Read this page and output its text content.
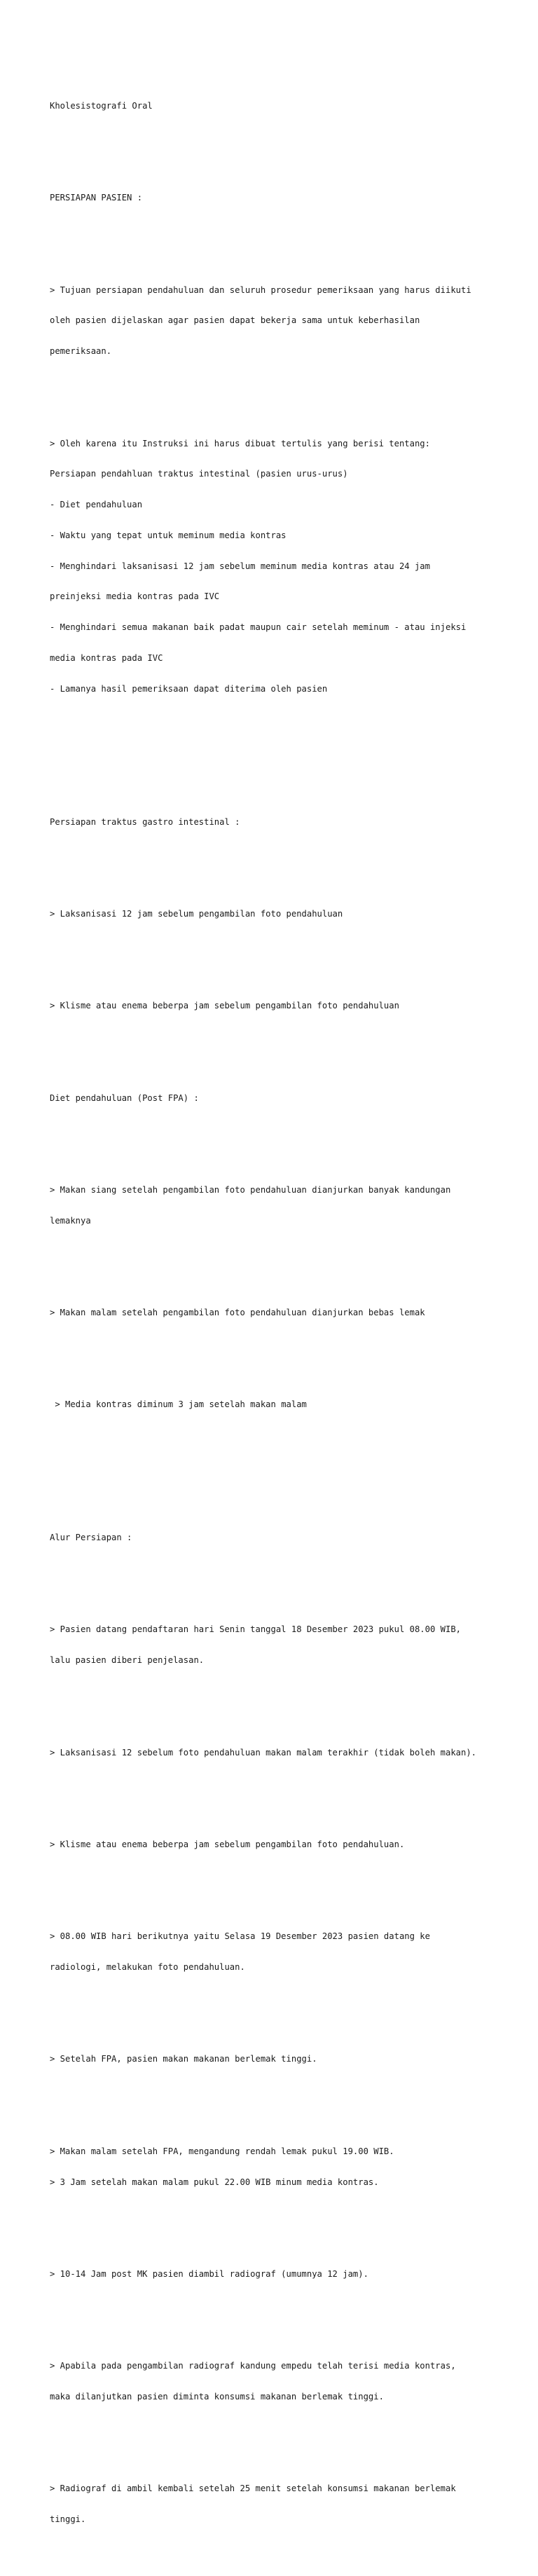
Kholesistografi Oral

PERSIAPAN PASIEN :

> Tujuan persiapan pendahuluan dan seluruh prosedur pemeriksaan yang harus diikuti

oleh pasien dijelaskan agar pasien dapat bekerja sama untuk keberhasilan

pemeriksaan.

> Oleh karena itu Instruksi ini harus dibuat tertulis yang berisi tentang:

Persiapan pendahluan traktus intestinal (pasien urus-urus)

- Diet pendahuluan

- Waktu yang tepat untuk meminum media kontras

- Menghindari laksanisasi 12 jam sebelum meminum media kontras atau 24 jam

preinjeksi media kontras pada IVC

- Menghindari semua makanan baik padat maupun cair setelah meminum - atau injeksi

media kontras pada IVC

- Lamanya hasil pemeriksaan dapat diterima oleh pasien

Persiapan traktus gastro intestinal :

> Laksanisasi 12 jam sebelum pengambilan foto pendahuluan

> Klisme atau enema beberpa jam sebelum pengambilan foto pendahuluan

Diet pendahuluan (Post FPA) :

> Makan siang setelah pengambilan foto pendahuluan dianjurkan banyak kandungan

lemaknya

> Makan malam setelah pengambilan foto pendahuluan dianjurkan bebas lemak

> Media kontras diminum 3 jam setelah makan malam

Alur Persiapan :

> Pasien datang pendaftaran hari Senin tanggal 18 Desember 2023 pukul 08.00 WIB,

lalu pasien diberi penjelasan.

> Laksanisasi 12 sebelum foto pendahuluan makan malam terakhir (tidak boleh makan).

> Klisme atau enema beberpa jam sebelum pengambilan foto pendahuluan.

> 08.00 WIB hari berikutnya yaitu Selasa 19 Desember 2023 pasien datang ke

radiologi, melakukan foto pendahuluan.

> Setelah FPA, pasien makan makanan berlemak tinggi.

> Makan malam setelah FPA, mengandung rendah lemak pukul 19.00 WIB.

> 3 Jam setelah makan malam pukul 22.00 WIB minum media kontras.

> 10-14 Jam post MK pasien diambil radiograf (umumnya 12 jam).

> Apabila pada pengambilan radiograf kandung empedu telah terisi media kontras,

maka dilanjutkan pasien diminta konsumsi makanan berlemak tinggi.

> Radiograf di ambil kembali setelah 25 menit setelah konsumsi makanan berlemak

tinggi.
